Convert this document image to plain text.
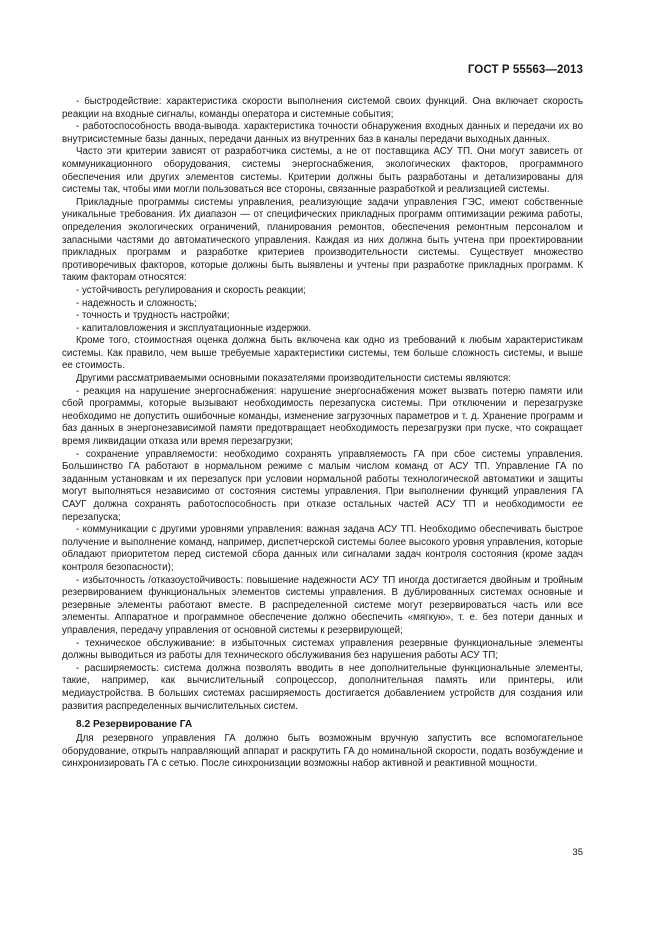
ГОСТ Р 55563—2013

- быстродействие: характеристика скорости выполнения системой своих функций. Она включает скорость реакции на входные сигналы, команды оператора и системные события;

- работоспособность ввода-вывода. характеристика точности обнаружения входных данных и передачи их во внутрисистемные базы данных, передачи данных из внутренних баз в каналы передачи выходных данных.

Часто эти критерии зависят от разработчика системы, а не от поставщика АСУ ТП. Они могут зависеть от коммуникационного оборудования, системы энергоснабжения, экологических факторов, программного обеспечения или других элементов системы. Критерии должны быть разработаны и детализированы для системы так, чтобы ими могли пользоваться все стороны, связанные разработкой и реализацией системы.

Прикладные программы системы управления, реализующие задачи управления ГЭС, имеют собственные уникальные требования. Их диапазон — от специфических прикладных программ оптимизации режима работы, определения экологических ограничений, планирования ремонтов, обеспечения ремонтным персоналом и запасными частями до автоматического управления. Каждая из них должна быть учтена при проектировании прикладных программ и разработке критериев производительности системы. Существует множество противоречивых факторов, которые должны быть выявлены и учтены при разработке прикладных программ. К таким факторам относятся:

- устойчивость регулирования и скорость реакции;

- надежность и сложность;

- точность и трудность настройки;

- капиталовложения и эксплуатационные издержки.

Кроме того, стоимостная оценка должна быть включена как одно из требований к любым характеристикам системы. Как правило, чем выше требуемые характеристики системы, тем больше сложность системы, и выше ее стоимость.

Другими рассматриваемыми основными показателями производительности системы являются:

- реакция на нарушение энергоснабжения: нарушение энергоснабжения может вызвать потерю памяти или сбой программы, которые вызывают необходимость перезапуска системы. При отключении и перезагрузке необходимо не допустить ошибочные команды, изменение загрузочных параметров и т. д. Хранение программ и баз данных в энергонезависимой памяти предотвращает необходимость перезагрузки при пуске, что сокращает время ликвидации отказа или время перезагрузки;

- сохранение управляемости: необходимо сохранять управляемость ГА при сбое системы управления. Большинство ГА работают в нормальном режиме с малым числом команд от АСУ ТП. Управление ГА по заданным установкам и их перезапуск при условии нормальной работы технологической автоматики и защиты могут выполняться независимо от состояния системы управления. При выполнении функций управления ГА САУГ должна сохранять работоспособность при отказе остальных частей АСУ ТП и необходимости ее перезапуска;

- коммуникации с другими уровнями управления: важная задача АСУ ТП. Необходимо обеспечивать быстрое получение и выполнение команд, например, диспетчерской системы более высокого уровня управления, которые обладают приоритетом перед системой сбора данных или сигналами задач контроля состояния (кроме задач контроля безопасности);

- избыточность /отказоустойчивость: повышение надежности АСУ ТП иногда достигается двойным и тройным резервированием функциональных элементов системы управления. В дублированных системах основные и резервные элементы работают вместе. В распределенной системе могут резервироваться часть или все элементы. Аппаратное и программное обеспечение должно обеспечить «мягкую», т. е. без потери данных и управления, передачу управления от основной системы к резервирующей;

- техническое обслуживание: в избыточных системах управления резервные функциональные элементы должны выводиться из работы для технического обслуживания без нарушения работы АСУ ТП;

- расширяемость: система должна позволять вводить в нее дополнительные функциональные элементы, такие, например, как вычислительный сопроцессор, дополнительная память или принтеры, или медиаустройства. В больших системах расширяемость достигается добавлением устройств для создания или развития распределенных вычислительных систем.

8.2 Резервирование ГА

Для резервного управления ГА должно быть возможным вручную запустить все вспомогательное оборудование, открыть направляющий аппарат и раскрутить ГА до номинальной скорости, подать возбуждение и синхронизировать ГА с сетью. После синхронизации возможны набор активной и реактивной мощности.

35
